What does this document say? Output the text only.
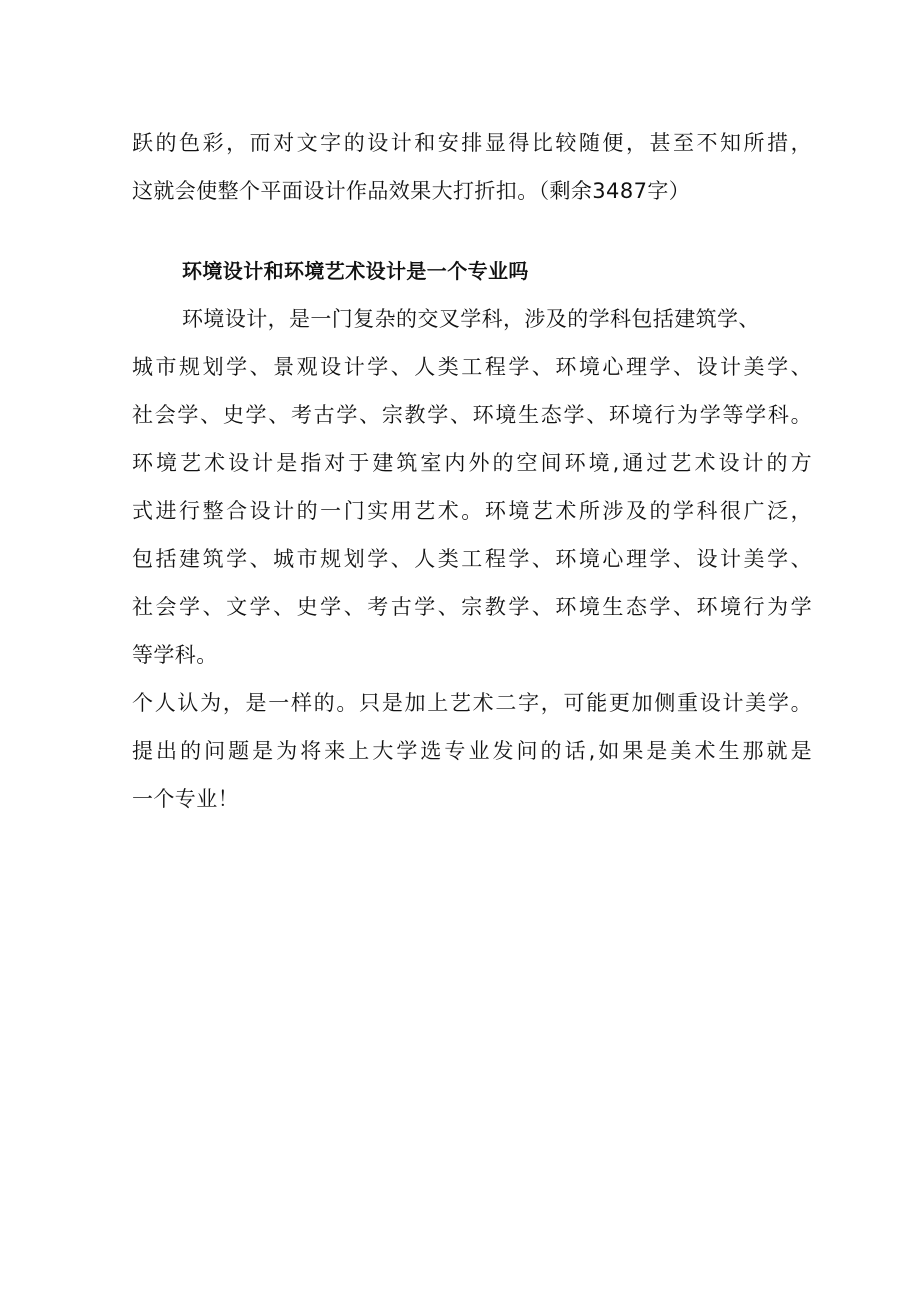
跃的色彩，而对文字的设计和安排显得比较随便，甚至不知所措，
这就会使整个平面设计作品效果大打折扣。（剩余3487字）
环境设计和环境艺术设计是一个专业吗
环境设计，是一门复杂的交叉学科，涉及的学科包括建筑学、
城市规划学、景观设计学、人类工程学、环境心理学、设计美学、
社会学、史学、考古学、宗教学、环境生态学、环境行为学等学科。
环境艺术设计是指对于建筑室内外的空间环境,通过艺术设计的方
式进行整合设计的一门实用艺术。环境艺术所涉及的学科很广泛，
包括建筑学、城市规划学、人类工程学、环境心理学、设计美学、
社会学、文学、史学、考古学、宗教学、环境生态学、环境行为学
等学科。
个人认为，是一样的。只是加上艺术二字，可能更加侧重设计美学。
提出的问题是为将来上大学选专业发问的话,如果是美术生那就是
一个专业！
